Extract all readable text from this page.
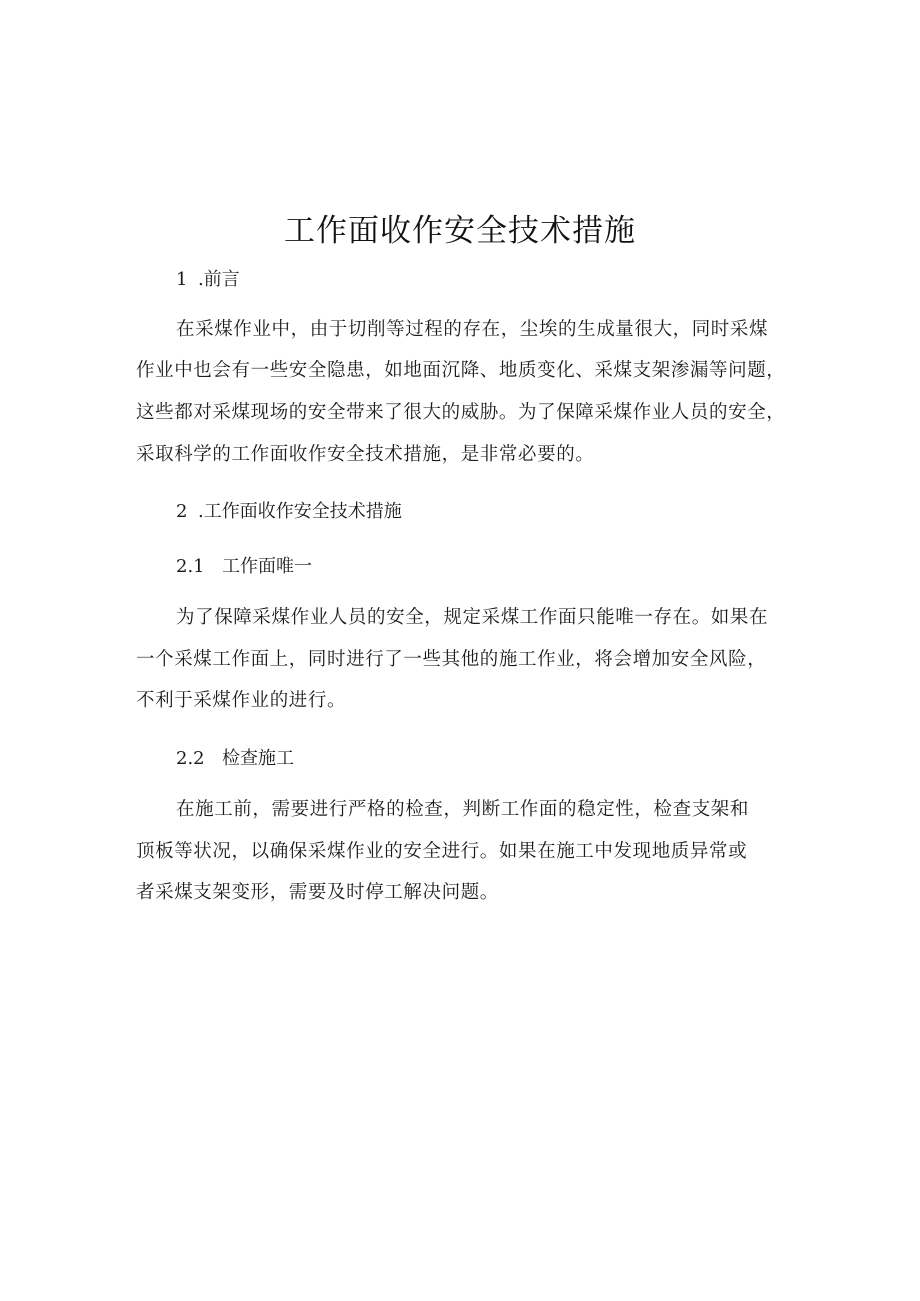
工作面收作安全技术措施
1 .前言
在采煤作业中，由于切削等过程的存在，尘埃的生成量很大，同时采煤
作业中也会有一些安全隐患，如地面沉降、地质变化、采煤支架渗漏等问题，
这些都对采煤现场的安全带来了很大的威胁。为了保障采煤作业人员的安全，
采取科学的工作面收作安全技术措施，是非常必要的。
2 .工作面收作安全技术措施
2.1 工作面唯一
为了保障采煤作业人员的安全，规定采煤工作面只能唯一存在。如果在
一个采煤工作面上，同时进行了一些其他的施工作业，将会增加安全风险，
不利于采煤作业的进行。
2.2 检查施工
在施工前，需要进行严格的检查，判断工作面的稳定性，检查支架和
顶板等状况，以确保采煤作业的安全进行。如果在施工中发现地质异常或
者采煤支架变形，需要及时停工解决问题。
